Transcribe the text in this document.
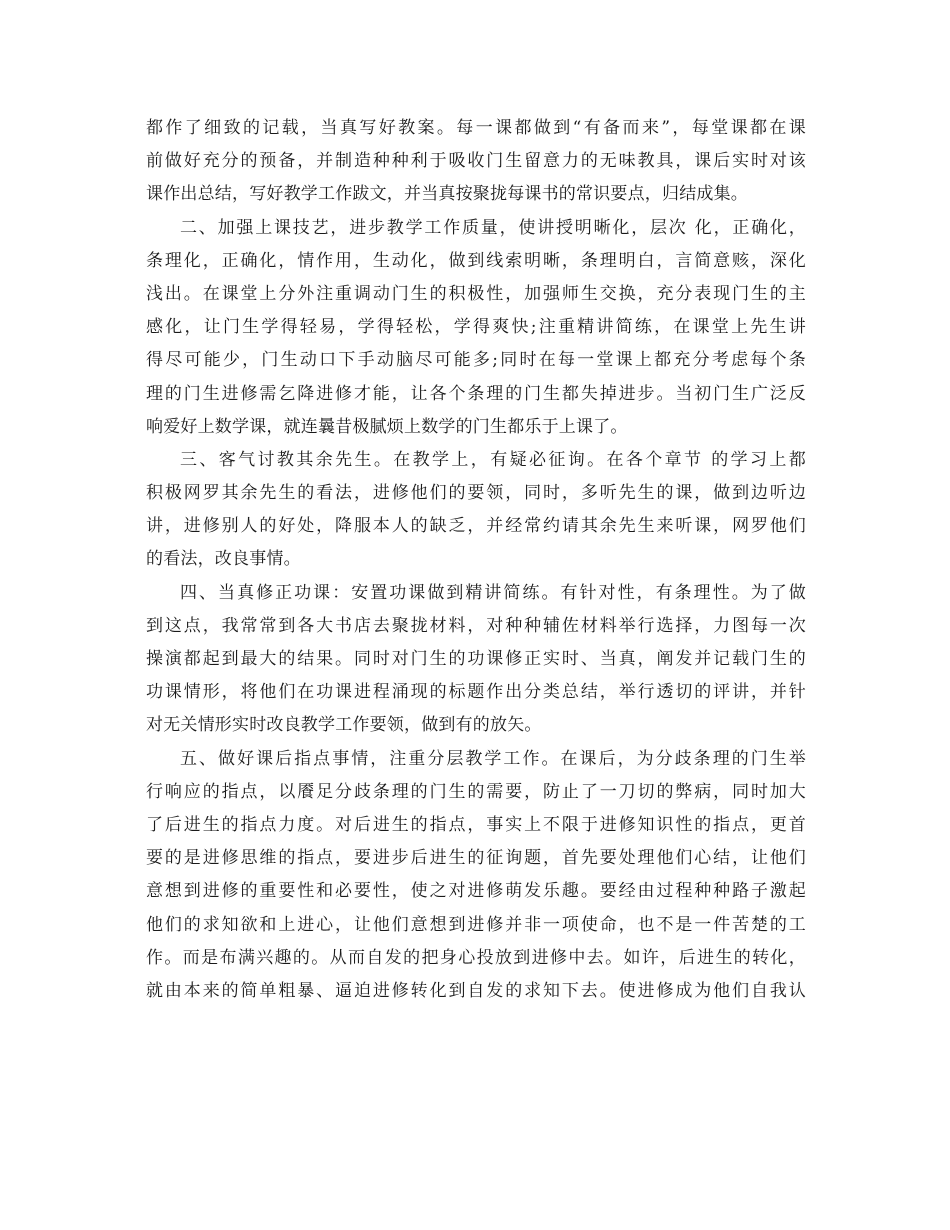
都作了细致的记载，当真写好教案。每一课都做到“有备而来”，每堂课都在课
前做好充分的预备，并制造种种利于吸收门生留意力的无味教具，课后实时对该
课作出总结，写好教学工作跋文，并当真按聚拢每课书的常识要点，归结成集。
二、加强上课技艺，进步教学工作质量，使讲授明晰化，层次 化，正确化，
条理化，正确化，情作用，生动化，做到线索明晰，条理明白，言简意赅，深化
浅出。在课堂上分外注重调动门生的积极性，加强师生交换，充分表现门生的主
感化，让门生学得轻易，学得轻松，学得爽快;注重精讲简练，在课堂上先生讲
得尽可能少，门生动口下手动脑尽可能多;同时在每一堂课上都充分考虑每个条
理的门生进修需乞降进修才能，让各个条理的门生都失掉进步。当初门生广泛反
响爱好上数学课，就连曩昔极腻烦上数学的门生都乐于上课了。
三、客气讨教其余先生。在教学上，有疑必征询。在各个章节 的学习上都
积极网罗其余先生的看法，进修他们的要领，同时，多听先生的课，做到边听边
讲，进修别人的好处，降服本人的缺乏，并经常约请其余先生来听课，网罗他们
的看法，改良事情。
四、当真修正功课：安置功课做到精讲简练。有针对性，有条理性。为了做
到这点，我常常到各大书店去聚拢材料，对种种辅佐材料举行选择，力图每一次
操演都起到最大的结果。同时对门生的功课修正实时、当真，阐发并记载门生的
功课情形，将他们在功课进程涌现的标题作出分类总结，举行透切的评讲，并针
对无关情形实时改良教学工作要领，做到有的放矢。
五、做好课后指点事情，注重分层教学工作。在课后，为分歧条理的门生举
行响应的指点，以餍足分歧条理的门生的需要，防止了一刀切的弊病，同时加大
了后进生的指点力度。对后进生的指点，事实上不限于进修知识性的指点，更首
要的是进修思维的指点，要进步后进生的征询题，首先要处理他们心结，让他们
意想到进修的重要性和必要性，使之对进修萌发乐趣。要经由过程种种路子激起
他们的求知欲和上进心，让他们意想到进修并非一项使命，也不是一件苦楚的工
作。而是布满兴趣的。从而自发的把身心投放到进修中去。如许，后进生的转化，
就由本来的简单粗暴、逼迫进修转化到自发的求知下去。使进修成为他们自我认
